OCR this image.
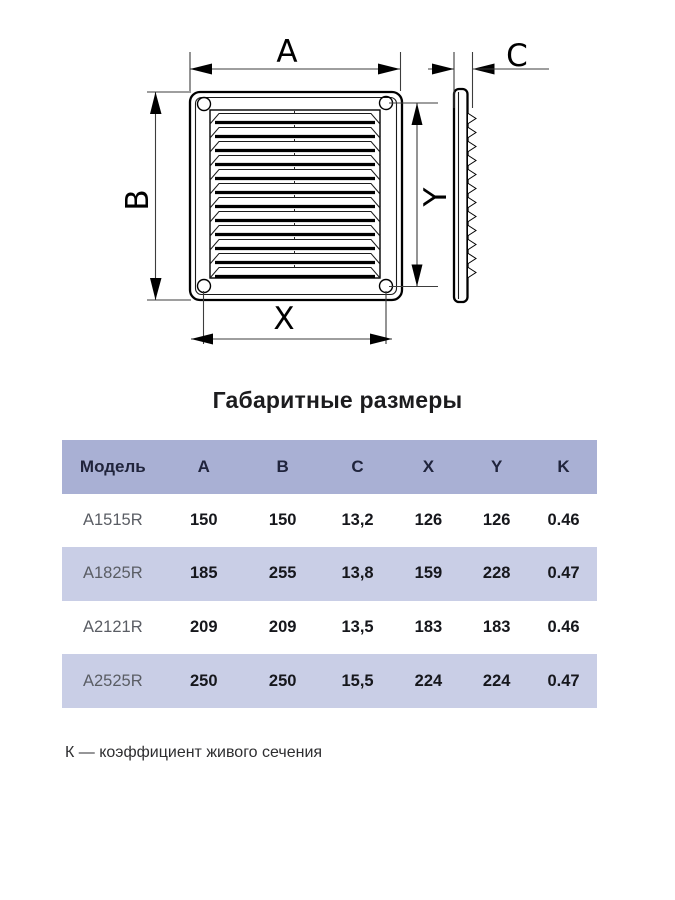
A	C
B	Y
X
Габаритные размеры
Модель	A	B	C	X	Y	K
A1515R	150	150	13,2	126	126	0.46
A1825R	185	255	13,8	159	228	0.47
A2121R	209	209	13,5	183	183	0.46
A2525R	250	250	15,5	224	224	0.47
К — коэффициент живого сечения
